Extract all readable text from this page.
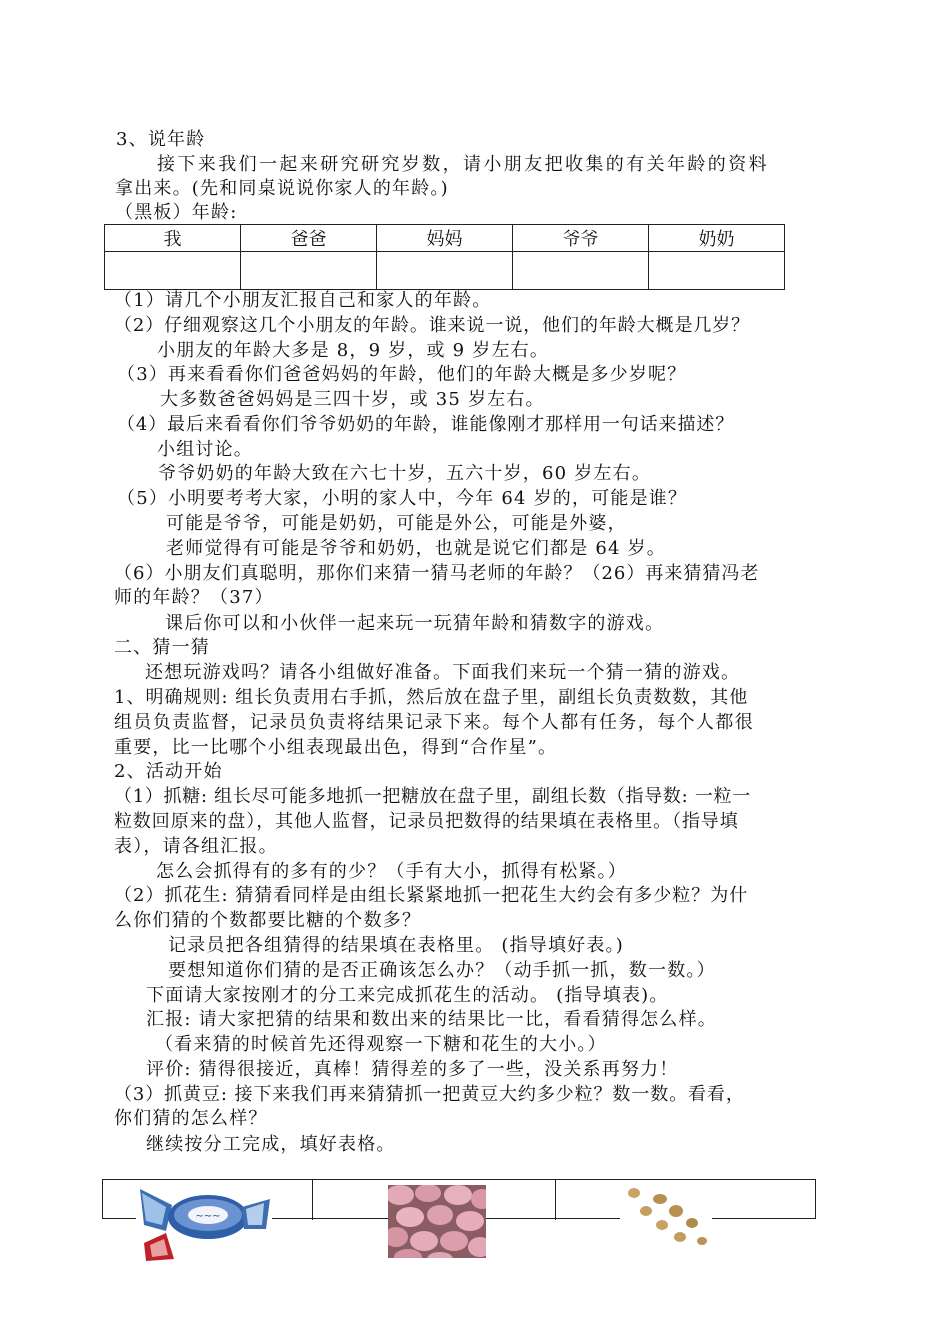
3、说年龄
接下来我们一起来研究研究岁数，请小朋友把收集的有关年龄的资料
拿出来。(先和同桌说说你家人的年龄。)
（黑板）年龄:
我	爸爸	妈妈	爷爷	奶奶

（1）请几个小朋友汇报自己和家人的年龄。
（2）仔细观察这几个小朋友的年龄。谁来说一说，他们的年龄大概是几岁？
小朋友的年龄大多是 8，9 岁，或 9 岁左右。
（3）再来看看你们爸爸妈妈的年龄，他们的年龄大概是多少岁呢？
大多数爸爸妈妈是三四十岁，或 35 岁左右。
（4）最后来看看你们爷爷奶奶的年龄，谁能像刚才那样用一句话来描述？
小组讨论。
爷爷奶奶的年龄大致在六七十岁，五六十岁，60 岁左右。
（5）小明要考考大家，小明的家人中，今年 64 岁的，可能是谁？
可能是爷爷，可能是奶奶，可能是外公，可能是外婆，
老师觉得有可能是爷爷和奶奶，也就是说它们都是 64 岁。
（6）小朋友们真聪明，那你们来猜一猜马老师的年龄？（26）再来猜猜冯老
师的年龄？（37）
课后你可以和小伙伴一起来玩一玩猜年龄和猜数字的游戏。
二、猜一猜
还想玩游戏吗？请各小组做好准备。下面我们来玩一个猜一猜的游戏。
1、明确规则: 组长负责用右手抓，然后放在盘子里，副组长负责数数，其他
组员负责监督，记录员负责将结果记录下来。每个人都有任务，每个人都很
重要，比一比哪个小组表现最出色，得到“合作星”。
2、活动开始
（1）抓糖: 组长尽可能多地抓一把糖放在盘子里，副组长数（指导数: 一粒一
粒数回原来的盘），其他人监督，记录员把数得的结果填在表格里。（指导填
表），请各组汇报。
怎么会抓得有的多有的少？（手有大小，抓得有松紧。）
（2）抓花生: 猜猜看同样是由组长紧紧地抓一把花生大约会有多少粒？为什
么你们猜的个数都要比糖的个数多？
记录员把各组猜得的结果填在表格里。 (指导填好表。)
要想知道你们猜的是否正确该怎么办？（动手抓一抓，数一数。）
下面请大家按刚才的分工来完成抓花生的活动。 (指导填表)。
汇报: 请大家把猜的结果和数出来的结果比一比，看看猜得怎么样。
（看来猜的时候首先还得观察一下糖和花生的大小。）
评价: 猜得很接近，真棒！猜得差的多了一些，没关系再努力！
（3）抓黄豆: 接下来我们再来猜猜抓一把黄豆大约多少粒？数一数。看看，
你们猜的怎么样？
继续按分工完成，填好表格。
~~~
